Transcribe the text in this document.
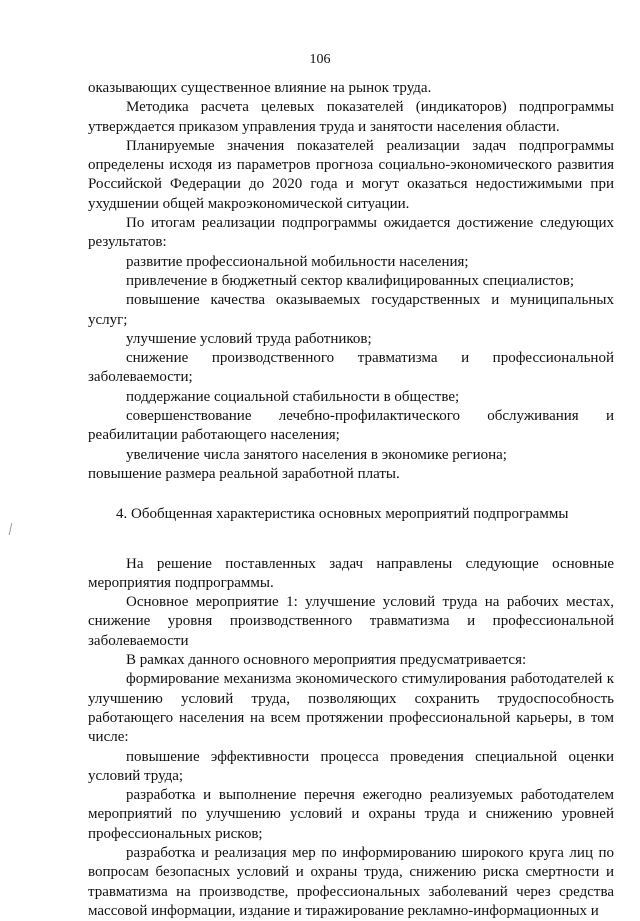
106

оказывающих существенное влияние на рынок труда.

Методика расчета целевых показателей (индикаторов) подпрограммы утверждается приказом управления труда и занятости населения области.

Планируемые значения показателей реализации задач подпрограммы определены исходя из параметров прогноза социально-экономического развития Российской Федерации до 2020 года и могут оказаться недостижимыми при ухудшении общей макроэкономической ситуации.

По итогам реализации подпрограммы ожидается достижение следующих результатов:

развитие профессиональной мобильности населения;

привлечение в бюджетный сектор квалифицированных специалистов;

повышение качества оказываемых государственных и муниципальных услуг;

улучшение условий труда работников;

снижение производственного травматизма и профессиональной заболеваемости;

поддержание социальной стабильности в обществе;

совершенствование лечебно-профилактического обслуживания и реабилитации работающего населения;

увеличение числа занятого населения в экономике региона;

повышение размера реальной заработной платы.

4. Обобщенная характеристика основных мероприятий подпрограммы

На решение поставленных задач направлены следующие основные мероприятия подпрограммы.

Основное мероприятие 1: улучшение условий труда на рабочих местах, снижение уровня производственного травматизма и профессиональной заболеваемости

В рамках данного основного мероприятия предусматривается:

формирование механизма экономического стимулирования работодателей к улучшению условий труда, позволяющих сохранить трудоспособность работающего населения на всем протяжении профессиональной карьеры, в том числе:

повышение эффективности процесса проведения специальной оценки условий труда;

разработка и выполнение перечня ежегодно реализуемых работодателем мероприятий по улучшению условий и охраны труда и снижению уровней профессиональных рисков;

разработка и реализация мер по информированию широкого круга лиц по вопросам безопасных условий и охраны труда, снижению риска смертности и травматизма на производстве, профессиональных заболеваний через средства массовой информации, издание и тиражирование рекламно-информационных и
